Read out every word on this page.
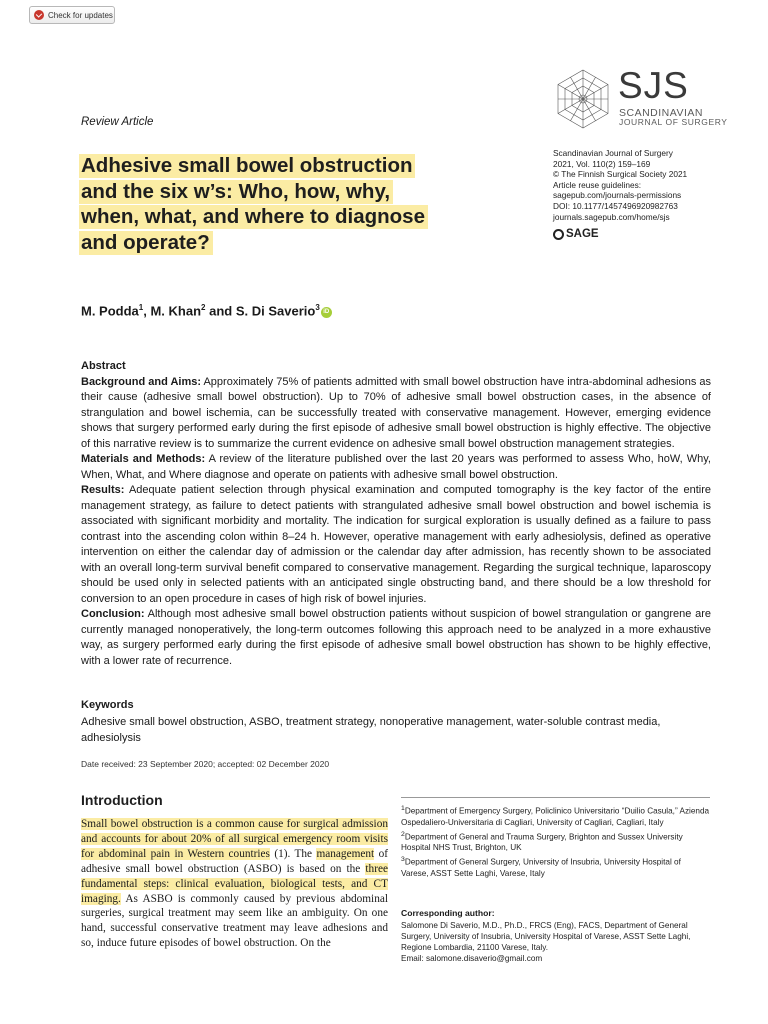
Check for updates
Review Article
Adhesive small bowel obstruction
and the six w’s: Who, how, why,
when, what, and where to diagnose
and operate?
SJS
SCANDINAVIAN
JOURNAL OF SURGERY
Scandinavian Journal of Surgery
2021, Vol. 110(2) 159–169
© The Finnish Surgical Society 2021
Article reuse guidelines:
sagepub.com/journals-permissions
DOI: 10.1177/1457496920982763
journals.sagepub.com/home/sjs
SAGE
M. Podda$^1$, M. Khan$^2$ and S. Di Saverio$^3$iD

Abstract

Background and Aims: Approximately 75% of patients admitted with small bowel obstruction have intra-abdominal adhesions as their cause (adhesive small bowel obstruction). Up to 70% of adhesive small bowel obstruction cases, in the absence of strangulation and bowel ischemia, can be successfully treated with conservative management. However, emerging evidence shows that surgery performed early during the first episode of adhesive small bowel obstruction is highly effective. The objective of this narrative review is to summarize the current evidence on adhesive small bowel obstruction management strategies.

Materials and Methods: A review of the literature published over the last 20 years was performed to assess Who, hoW, Why, When, What, and Where diagnose and operate on patients with adhesive small bowel obstruction.

Results: Adequate patient selection through physical examination and computed tomography is the key factor of the entire management strategy, as failure to detect patients with strangulated adhesive small bowel obstruction and bowel ischemia is associated with significant morbidity and mortality. The indication for surgical exploration is usually defined as a failure to pass contrast into the ascending colon within 8–24 h. However, operative management with early adhesiolysis, defined as operative intervention on either the calendar day of admission or the calendar day after admission, has recently shown to be associated with an overall long-term survival benefit compared to conservative management. Regarding the surgical technique, laparoscopy should be used only in selected patients with an anticipated single obstructing band, and there should be a low threshold for conversion to an open procedure in cases of high risk of bowel injuries.

Conclusion: Although most adhesive small bowel obstruction patients without suspicion of bowel strangulation or gangrene are currently managed nonoperatively, the long-term outcomes following this approach need to be analyzed in a more exhaustive way, as surgery performed early during the first episode of adhesive small bowel obstruction has shown to be highly effective, with a lower rate of recurrence.

Keywords
Adhesive small bowel obstruction, ASBO, treatment strategy, nonoperative management, water-soluble contrast media, adhesiolysis
Date received: 23 September 2020; accepted: 02 December 2020
Introduction
Small bowel obstruction is a common cause for surgical admission and accounts for about 20% of all surgical emergency room visits for abdominal pain in Western countries (1). The management of adhesive small bowel obstruction (ASBO) is based on the three fundamental steps: clinical evaluation, biological tests, and CT imaging. As ASBO is commonly caused by previous abdominal surgeries, surgical treatment may seem like an ambiguity. On one hand, successful conservative treatment may leave adhesions and so, induce future episodes of bowel obstruction. On the

$^1$Department of Emergency Surgery, Policlinico Universitario “Duilio Casula,” Azienda Ospedaliero-Universitaria di Cagliari, University of Cagliari, Cagliari, Italy

$^2$Department of General and Trauma Surgery, Brighton and Sussex University Hospital NHS Trust, Brighton, UK

$^3$Department of General Surgery, University of Insubria, University Hospital of Varese, ASST Sette Laghi, Varese, Italy

Corresponding author:
Salomone Di Saverio, M.D., Ph.D., FRCS (Eng), FACS, Department of General Surgery, University of Insubria, University Hospital of Varese, ASST Sette Laghi, Regione Lombardia, 21100 Varese, Italy.
Email: salomone.disaverio@gmail.com
